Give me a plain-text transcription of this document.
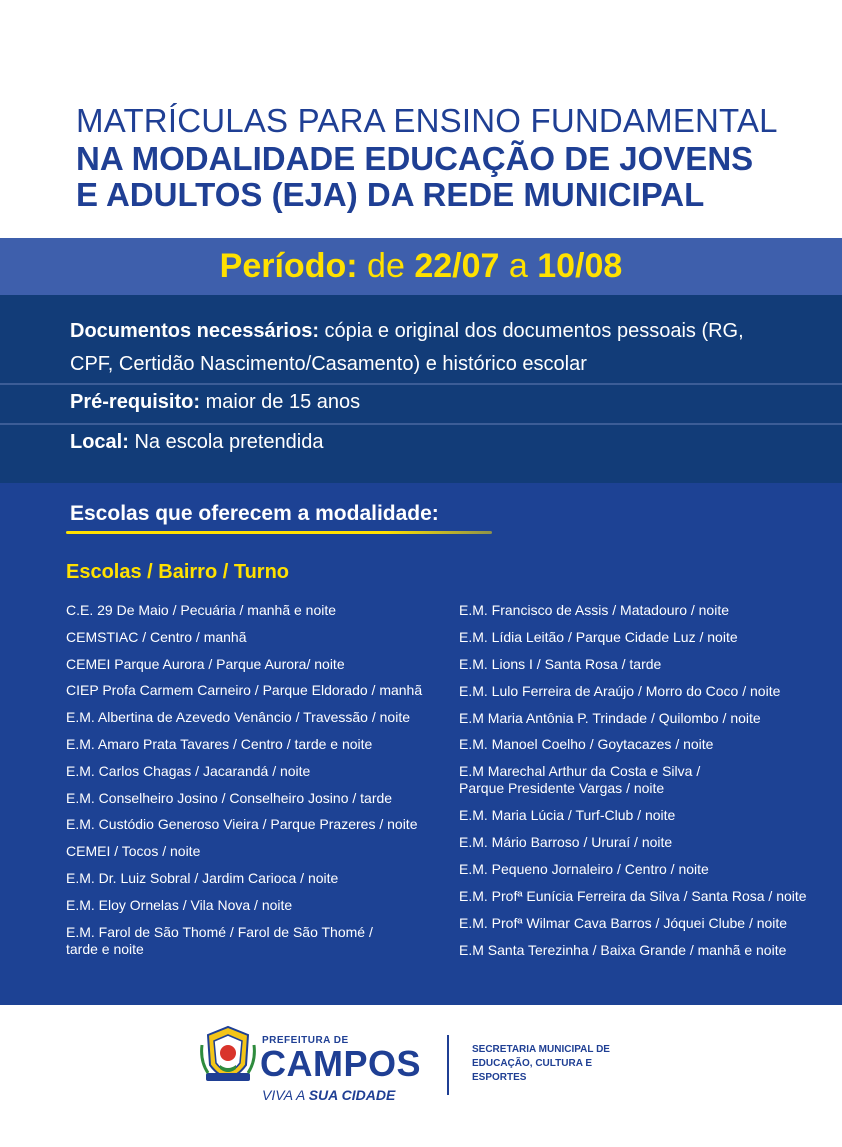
MATRÍCULAS PARA ENSINO FUNDAMENTAL
NA MODALIDADE EDUCAÇÃO DE JOVENS
E ADULTOS (EJA) DA REDE MUNICIPAL
Período: de 22/07 a 10/08
Documentos necessários: cópia e original dos documentos pessoais (RG, CPF, Certidão Nascimento/Casamento) e histórico escolar
Pré-requisito: maior de 15 anos
Local: Na escola pretendida
Escolas que oferecem a modalidade:
Escolas / Bairro / Turno
C.E. 29 De Maio / Pecuária / manhã e noite
CEMSTIAC / Centro / manhã
CEMEI Parque Aurora / Parque Aurora/ noite
CIEP Profa Carmem Carneiro / Parque Eldorado / manhã
E.M. Albertina de Azevedo Venâncio / Travessão / noite
E.M. Amaro Prata Tavares / Centro / tarde e noite
E.M. Carlos Chagas / Jacarandá / noite
E.M. Conselheiro Josino / Conselheiro Josino / tarde
E.M. Custódio Generoso Vieira / Parque Prazeres / noite
CEMEI / Tocos / noite
E.M. Dr. Luiz Sobral / Jardim Carioca / noite
E.M. Eloy Ornelas / Vila Nova / noite
E.M. Farol de São Thomé / Farol de São Thomé / tarde e noite
E.M. Francisco de Assis / Matadouro / noite
E.M. Lídia Leitão / Parque Cidade Luz / noite
E.M. Lions I / Santa Rosa / tarde
E.M. Lulo Ferreira de Araújo / Morro do Coco / noite
E.M Maria Antônia P. Trindade / Quilombo / noite
E.M. Manoel Coelho / Goytacazes / noite
E.M Marechal Arthur da Costa e Silva / Parque Presidente Vargas / noite
E.M. Maria Lúcia / Turf-Club / noite
E.M. Mário Barroso / Ururaí / noite
E.M. Pequeno Jornaleiro / Centro / noite
E.M. Profª Eunícia Ferreira da Silva / Santa Rosa / noite
E.M. Profª Wilmar Cava Barros / Jóquei Clube / noite
E.M Santa Terezinha / Baixa Grande / manhã e noite
PREFEITURA DE
CAMPOS
VIVA A SUA CIDADE
SECRETARIA MUNICIPAL DE EDUCAÇÃO, CULTURA E ESPORTES
